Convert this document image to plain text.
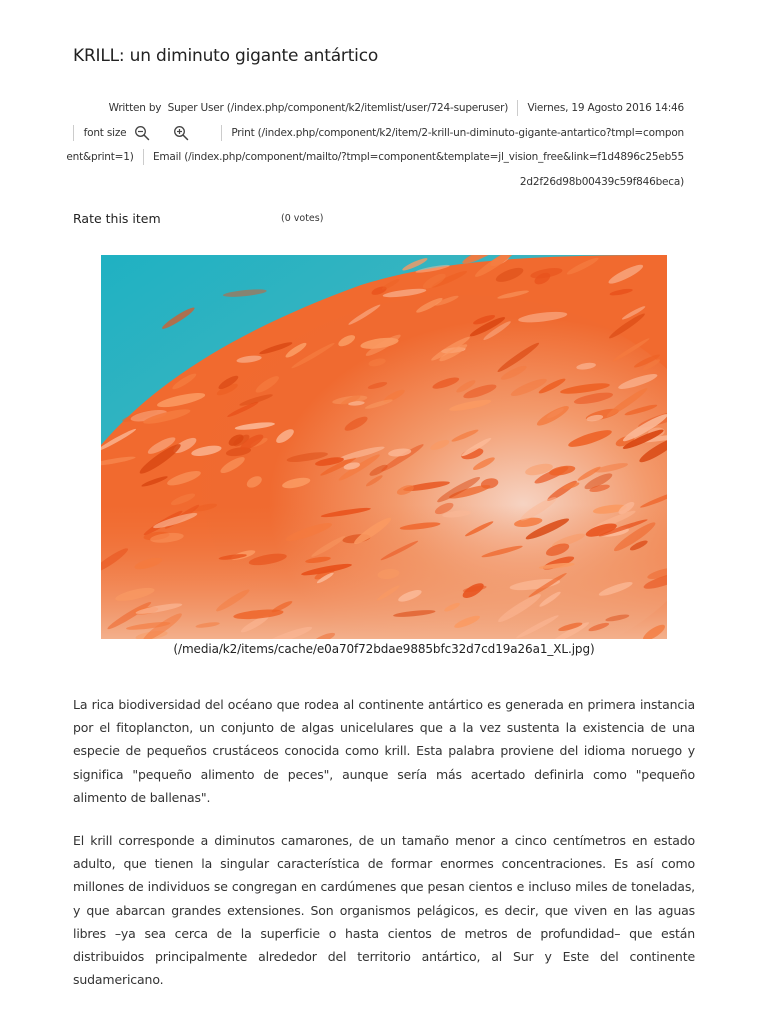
KRILL: un diminuto gigante antártico
Written by Super User (/index.php/component/k2/itemlist/user/724-superuser) Viernes, 19 Agosto 2016 14:46
font size	Print (/index.php/component/k2/item/2-krill-un-diminuto-gigante-antartico?tmpl=component&print=1) Email (/index.php/component/mailto/?tmpl=component&template=jl_vision_free&link=f1d4896c25eb552d2f26d98b00439c59f846beca)
Rate this item	(0 votes)
(/media/k2/items/cache/e0a70f72bdae9885bfc32d7cd19a26a1_XL.jpg)

La rica biodiversidad del océano que rodea al continente antártico es generada en primera instancia por el fitoplancton, un conjunto de algas unicelulares que a la vez sustenta la existencia de una especie de pequeños crustáceos conocida como krill. Esta palabra proviene del idioma noruego y significa "pequeño alimento de peces", aunque sería más acertado definirla como "pequeño alimento de ballenas".

El krill corresponde a diminutos camarones, de un tamaño menor a cinco centímetros en estado adulto, que tienen la singular característica de formar enormes concentraciones. Es así como millones de individuos se congregan en cardúmenes que pesan cientos e incluso miles de toneladas, y que abarcan grandes extensiones. Son organismos pelágicos, es decir, que viven en las aguas libres –ya sea cerca de la superficie o hasta cientos de metros de profundidad– que están distribuidos principalmente alrededor del territorio antártico, al Sur y Este del continente sudamericano.
